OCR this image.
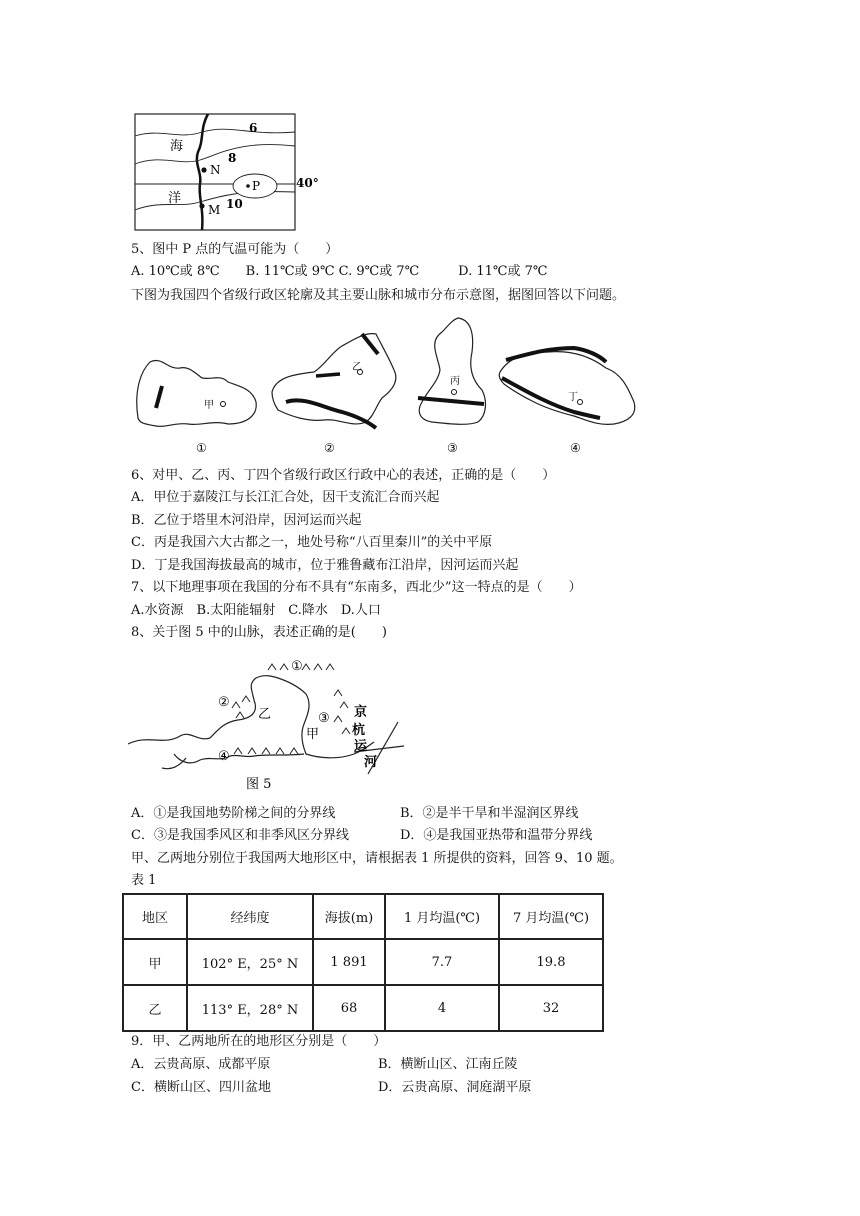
海
洋
N
M
P
6
8
10
40°
5、图中 P 点的气温可能为（　　）
A. 10℃或 8℃　　B. 11℃或 9℃ C. 9℃或 7℃　　　D. 11℃或 7℃
下图为我国四个省级行政区轮廓及其主要山脉和城市分布示意图，据图回答以下问题。
甲
①
乙
②
丙
③
丁
④
6、对甲、乙、丙、丁四个省级行政区行政中心的表述，正确的是（　　）
A．甲位于嘉陵江与长江汇合处，因干支流汇合而兴起
B．乙位于塔里木河沿岸，因河运而兴起
C．丙是我国六大古都之一，地处号称“八百里秦川”的关中平原
D．丁是我国海拔最高的城市，位于雅鲁藏布江沿岸，因河运而兴起
7、以下地理事项在我国的分布不具有“东南多，西北少”这一特点的是（　　）
A.水资源　B.太阳能辐射　C.降水　D.人口
8、关于图 5 中的山脉，表述正确的是(　　)
①
②
③
④
乙
甲
京
杭
运
河
图 5
A．①是我国地势阶梯之间的分界线	B．②是半干旱和半湿润区界线
C．③是我国季风区和非季风区分界线	D．④是我国亚热带和温带分界线
甲、乙两地分别位于我国两大地形区中，请根据表 1 所提供的资料，回答 9、10 题。
表 1
地区	经纬度	海拔(m)	1 月均温(℃)	7 月均温(℃)
甲	102° E，25° N	1 891	7.7	19.8
乙	113° E，28° N	68	4	32
9．甲、乙两地所在的地形区分别是（　　）
A．云贵高原、成都平原	B．横断山区、江南丘陵
C．横断山区、四川盆地	D．云贵高原、洞庭湖平原
